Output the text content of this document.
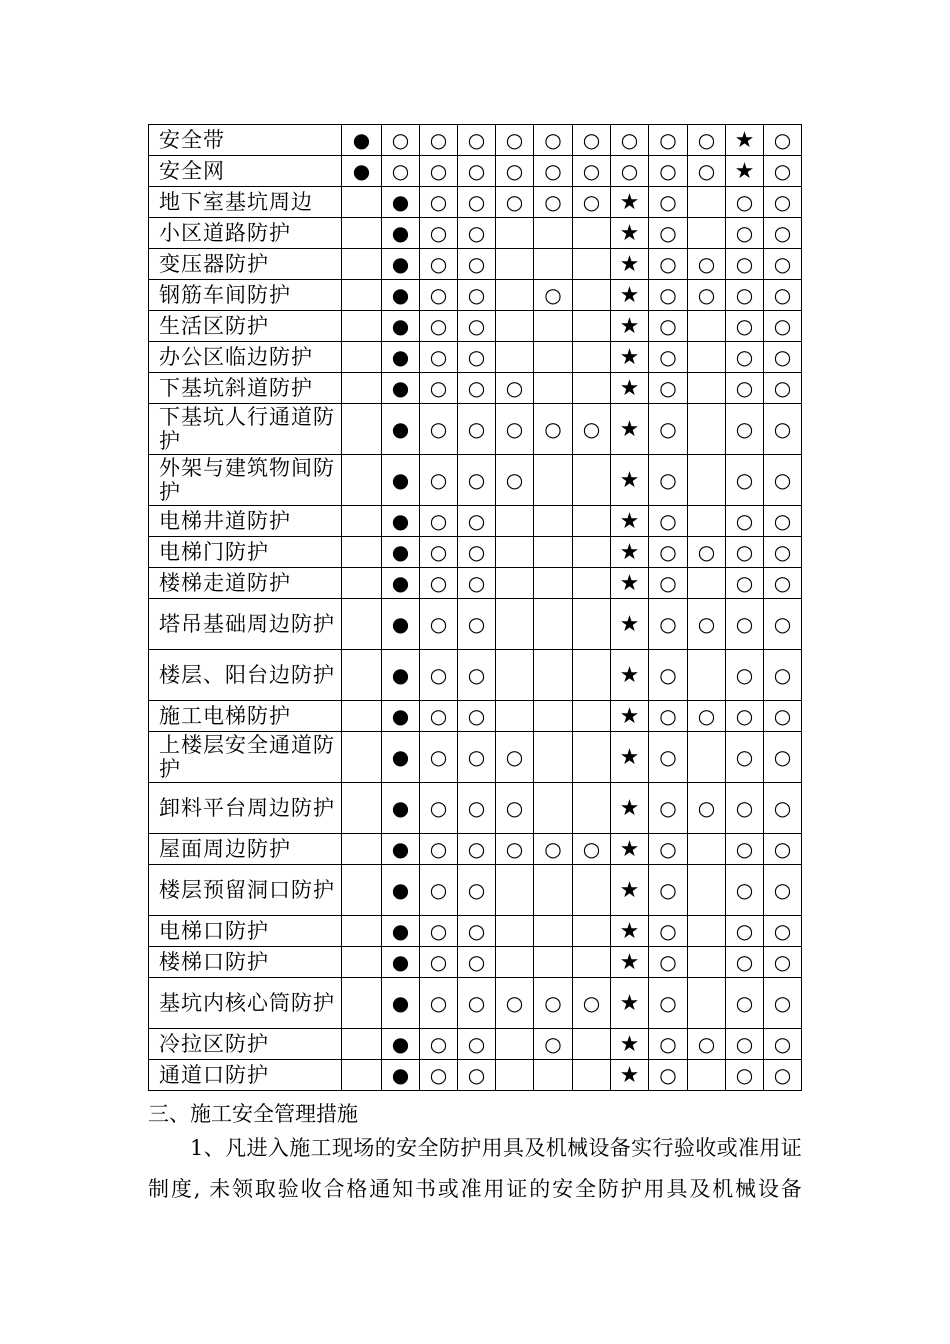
安全带	●	○	○	○	○	○	○	○	○	○	★	○
安全网	●	○	○	○	○	○	○	○	○	○	★	○
地下室基坑周边		●	○	○	○	○	○	★	○		○	○
小区道路防护		●	○	○				★	○		○	○
变压器防护		●	○	○				★	○	○	○	○
钢筋车间防护		●	○	○		○		★	○	○	○	○
生活区防护		●	○	○				★	○		○	○
办公区临边防护		●	○	○				★	○		○	○
下基坑斜道防护		●	○	○	○			★	○		○	○
下基坑人行通道防护		●	○	○	○	○	○	★	○		○	○
外架与建筑物间防护		●	○	○	○			★	○		○	○
电梯井道防护		●	○	○				★	○		○	○
电梯门防护		●	○	○				★	○	○	○	○
楼梯走道防护		●	○	○				★	○		○	○
塔吊基础周边防护		●	○	○				★	○	○	○	○
楼层、阳台边防护		●	○	○				★	○		○	○
施工电梯防护		●	○	○				★	○	○	○	○
上楼层安全通道防护		●	○	○	○			★	○		○	○
卸料平台周边防护		●	○	○	○			★	○	○	○	○
屋面周边防护		●	○	○	○	○	○	★	○		○	○
楼层预留洞口防护		●	○	○				★	○		○	○
电梯口防护		●	○	○				★	○		○	○
楼梯口防护		●	○	○				★	○		○	○
基坑内核心筒防护		●	○	○	○	○	○	★	○		○	○
冷拉区防护		●	○	○		○		★	○	○	○	○
通道口防护		●	○	○				★	○		○	○
三、施工安全管理措施
1、凡进入施工现场的安全防护用具及机械设备实行验收或准用证制度, 未领取验收合格通知书或准用证的安全防护用具及机械设备
